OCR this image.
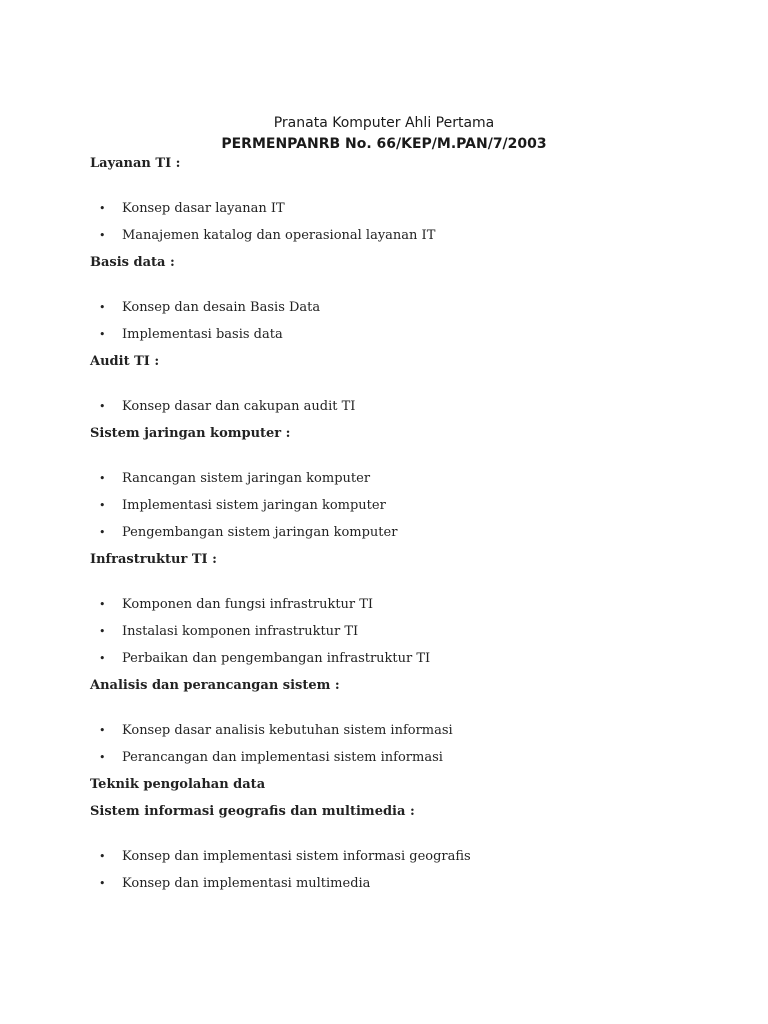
Pranata Komputer Ahli Pertama

PERMENPANRB No. 66/KEP/M.PAN/7/2003

Layanan TI :

• Konsep dasar layanan IT
• Manajemen katalog dan operasional layanan IT

Basis data :

• Konsep dan desain Basis Data
• Implementasi basis data

Audit TI :

• Konsep dasar dan cakupan audit TI

Sistem jaringan komputer :

• Rancangan sistem jaringan komputer
• Implementasi sistem jaringan komputer
• Pengembangan sistem jaringan komputer

Infrastruktur TI :

• Komponen dan fungsi infrastruktur TI
• Instalasi komponen infrastruktur TI
• Perbaikan dan pengembangan infrastruktur TI

Analisis dan perancangan sistem :

• Konsep dasar analisis kebutuhan sistem informasi
• Perancangan dan implementasi sistem informasi

Teknik pengolahan data

Sistem informasi geografis dan multimedia :

• Konsep dan implementasi sistem informasi geografis
• Konsep dan implementasi multimedia
